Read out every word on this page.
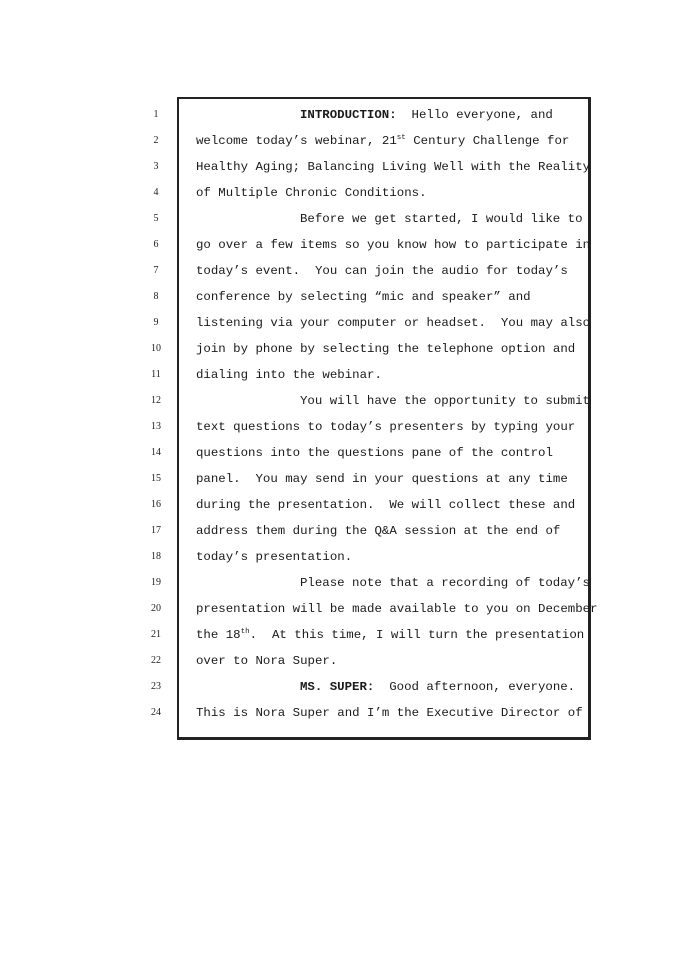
1
2
3
4
5
6
7
8
9
10
11
12
13
14
15
16
17
18
19
20
21
22
23
24
INTRODUCTION:  Hello everyone, and
welcome today’s webinar, 21st Century Challenge for
Healthy Aging; Balancing Living Well with the Reality
of Multiple Chronic Conditions.
Before we get started, I would like to
go over a few items so you know how to participate in
today’s event.  You can join the audio for today’s
conference by selecting “mic and speaker” and
listening via your computer or headset.  You may also
join by phone by selecting the telephone option and
dialing into the webinar.
You will have the opportunity to submit
text questions to today’s presenters by typing your
questions into the questions pane of the control
panel.  You may send in your questions at any time
during the presentation.  We will collect these and
address them during the Q&A session at the end of
today’s presentation.
Please note that a recording of today’s
presentation will be made available to you on December
the 18th.  At this time, I will turn the presentation
over to Nora Super.
MS. SUPER:  Good afternoon, everyone.
This is Nora Super and I’m the Executive Director of
